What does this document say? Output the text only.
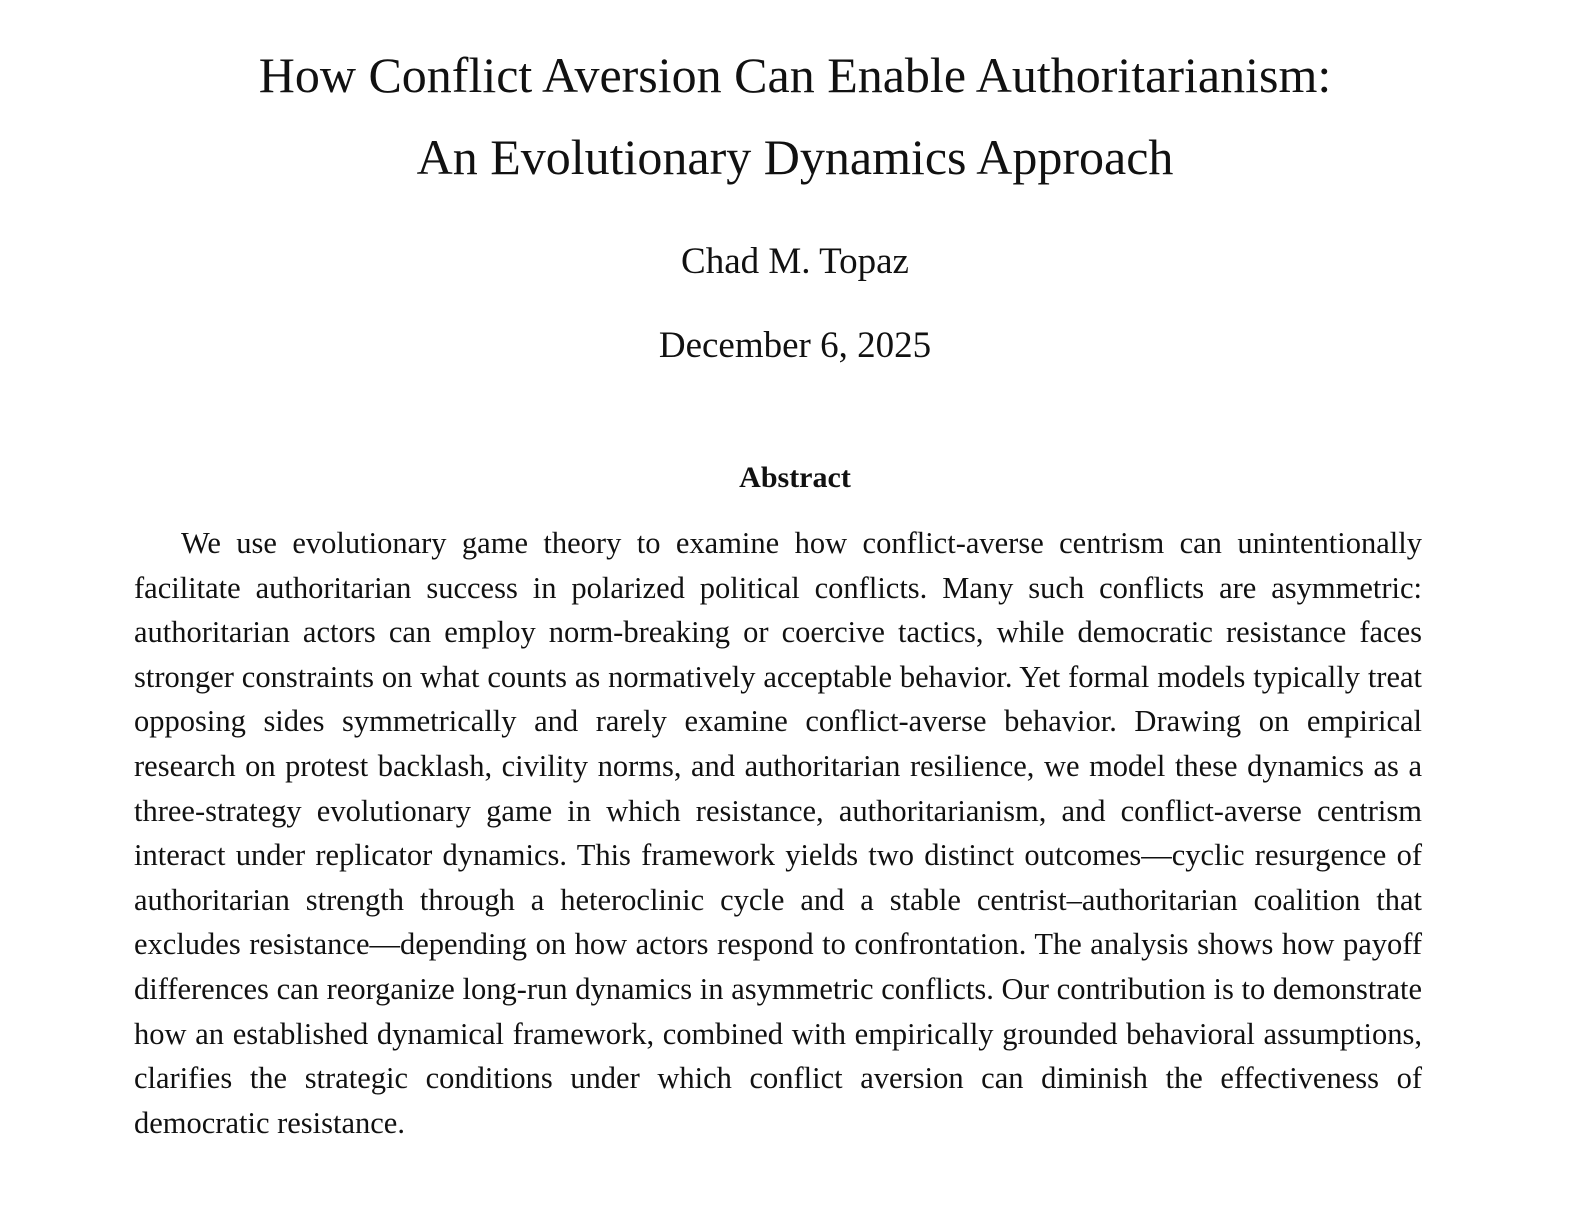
How Conflict Aversion Can Enable Authoritarianism:
An Evolutionary Dynamics Approach
Chad M. Topaz
December 6, 2025
Abstract

We use evolutionary game theory to examine how conflict-averse centrism can unintentionally facilitate authoritarian success in polarized political conflicts. Many such conflicts are asymmetric: authoritarian actors can employ norm-breaking or coercive tactics, while democratic resistance faces stronger constraints on what counts as normatively acceptable behavior. Yet formal models typically treat opposing sides symmetrically and rarely examine conflict-averse behavior. Drawing on empirical research on protest backlash, civility norms, and authoritarian resilience, we model these dynamics as a three-strategy evolutionary game in which resistance, authoritarianism, and conflict-averse centrism interact under replicator dynamics. This framework yields two distinct outcomes—cyclic resurgence of authoritarian strength through a heteroclinic cycle and a stable centrist–authoritarian coalition that excludes resistance—depending on how actors respond to confrontation. The analysis shows how payoff differences can reorganize long-run dynamics in asymmetric conflicts. Our contribution is to demonstrate how an established dynamical framework, combined with empirically grounded behavioral assumptions, clarifies the strategic conditions under which conflict aversion can diminish the effectiveness of democratic resistance.
